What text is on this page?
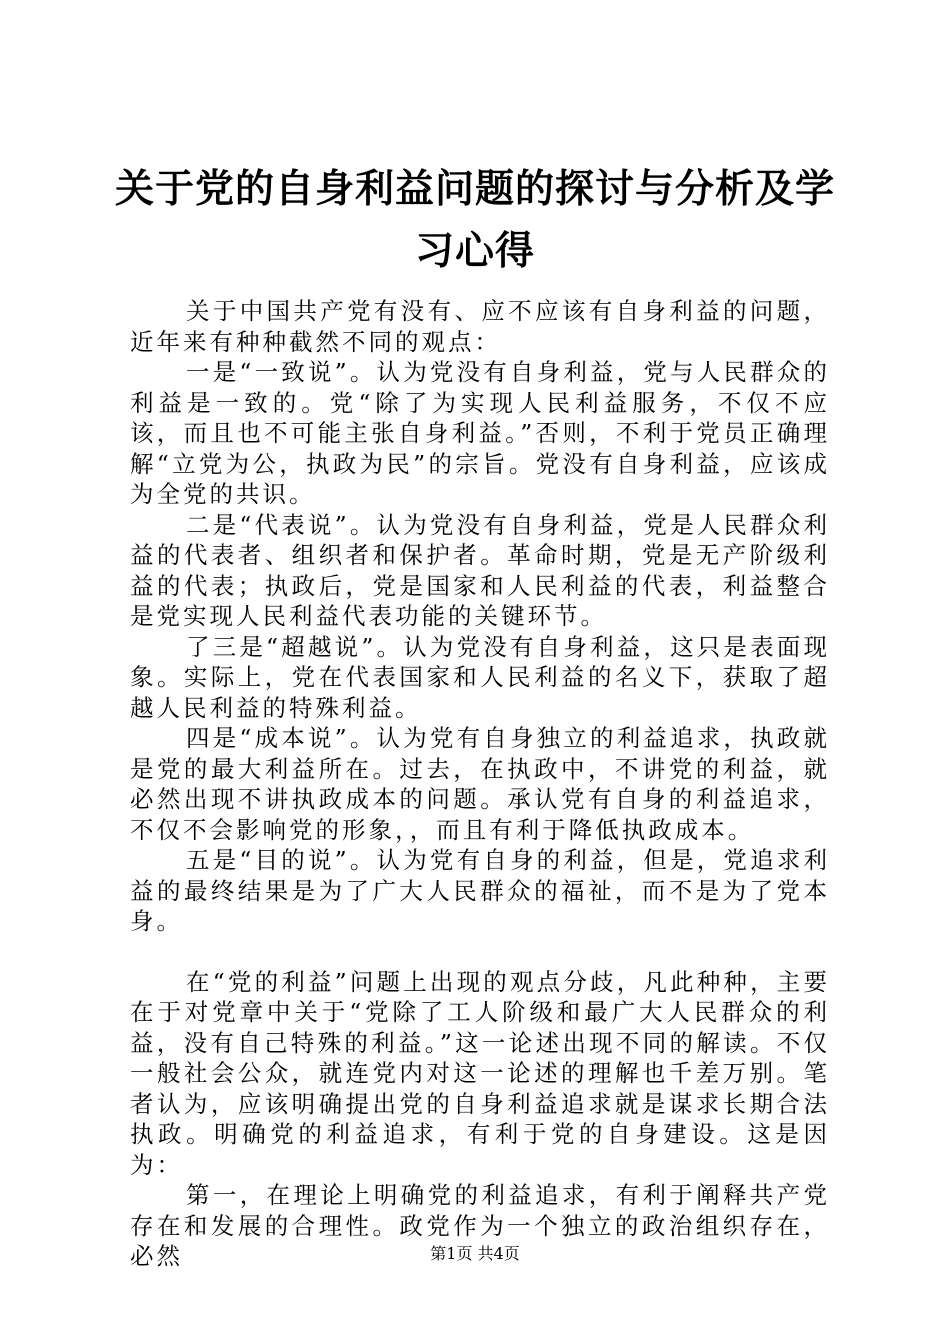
关于党的自身利益问题的探讨与分析及学习心得

关于中国共产党有没有、应不应该有自身利益的问题，近年来有种种截然不同的观点：

一是“一致说”。认为党没有自身利益，党与人民群众的利益是一致的。党“除了为实现人民利益服务，不仅不应该，而且也不可能主张自身利益。”否则，不利于党员正确理解“立党为公，执政为民”的宗旨。党没有自身利益，应该成为全党的共识。

二是“代表说”。认为党没有自身利益，党是人民群众利益的代表者、组织者和保护者。革命时期，党是无产阶级利益的代表；执政后，党是国家和人民利益的代表，利益整合是党实现人民利益代表功能的关键环节。

了三是“超越说”。认为党没有自身利益，这只是表面现象。实际上，党在代表国家和人民利益的名义下，获取了超越人民利益的特殊利益。

四是“成本说”。认为党有自身独立的利益追求，执政就是党的最大利益所在。过去，在执政中，不讲党的利益，就必然出现不讲执政成本的问题。承认党有自身的利益追求，不仅不会影响党的形象，，而且有利于降低执政成本。

五是“目的说”。认为党有自身的利益，但是，党追求利益的最终结果是为了广大人民群众的福祉，而不是为了党本身。

在“党的利益”问题上出现的观点分歧，凡此种种，主要在于对党章中关于“党除了工人阶级和最广大人民群众的利益，没有自己特殊的利益。”这一论述出现不同的解读。不仅一般社会公众，就连党内对这一论述的理解也千差万别。笔者认为，应该明确提出党的自身利益追求就是谋求长期合法执政。明确党的利益追求，有利于党的自身建设。这是因为：

第一，在理论上明确党的利益追求，有利于阐释共产党存在和发展的合理性。政党作为一个独立的政治组织存在，必然	第1页 共4页
